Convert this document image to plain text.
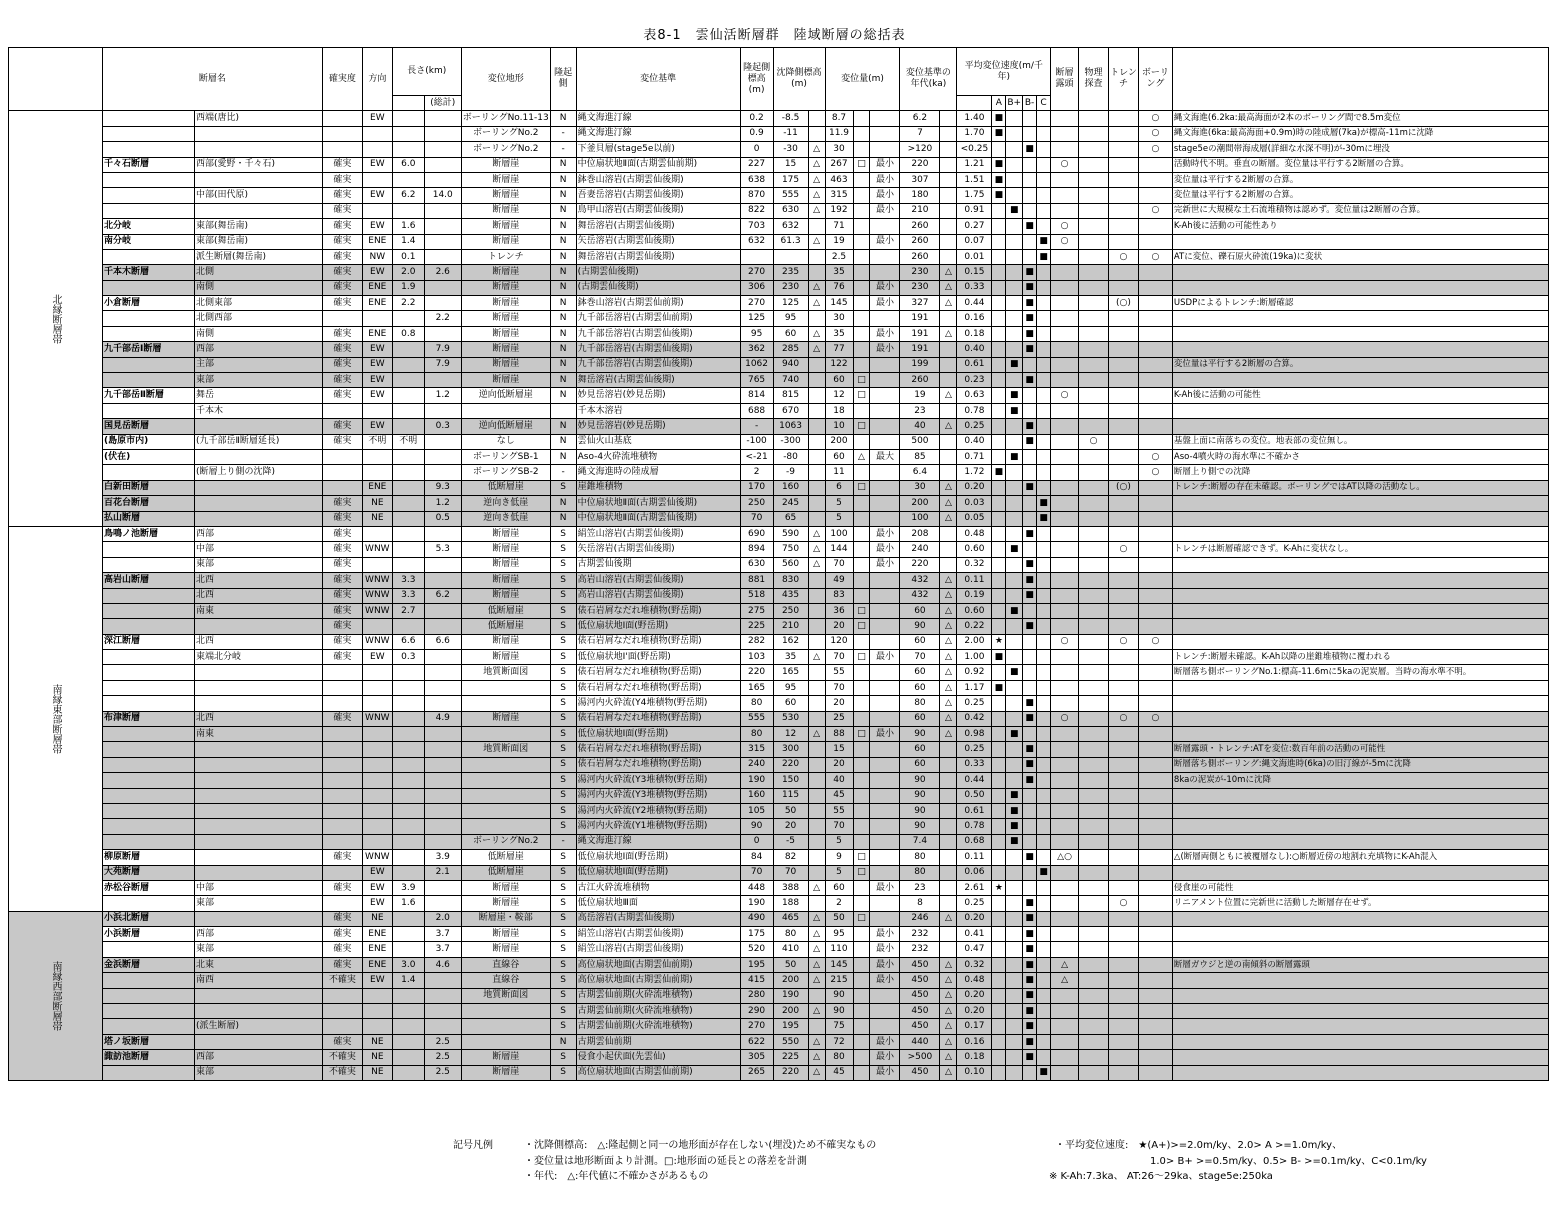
表8-1　雲仙活断層群　陸域断層の総括表
	断層名		確実度	方向	長さ(km)		変位地形	隆起側	変位基準	隆起側標高(m)	沈降側標高(m)		変位量(m)			変位基準の年代(ka)		平均変位速度(m/千年)					断層露頭	物理探査	トレンチ	ボーリング	
						(総計)													A	B+	B-	C					
北縁断層帯		西端(唐比)		EW			ボーリングNo.11-13	N	縄文海進汀線	0.2	-8.5		8.7			6.2		1.40	■							○	縄文海進(6.2ka:最高海面が2本のボーリング間で8.5m変位
							ボーリングNo.2	-	縄文海進汀線	0.9	-11		11.9			7		1.70	■							○	縄文海進(6ka:最高海面+0.9m)時の陸成層(7ka)が標高-11mに沈降
							ボーリングNo.2	-	下釜貝層(stage5e以前)	0	-30	△	30			>120		<0.25			■					○	stage5eの潮間帯海成層(詳細な水深不明)が-30mに埋没
	千々石断層	西部(愛野・千々石)	確実	EW	6.0		断層崖	N	中位扇状地Ⅱ面(古期雲仙前期)	227	15	△	267	□	最小	220		1.21	■				○				活動時代不明。垂直の断層。変位量は平行する2断層の合算。
			確実				断層崖	N	鉢巻山溶岩(古期雲仙後期)	638	175	△	463		最小	307		1.51	■								変位量は平行する2断層の合算。
		中部(田代原)	確実	EW	6.2	14.0	断層崖	N	吾妻岳溶岩(古期雲仙後期)	870	555	△	315		最小	180		1.75	■								変位量は平行する2断層の合算。
			確実				断層崖	N	鳥甲山溶岩(古期雲仙後期)	822	630	△	192		最小	210		0.91		■						○	完新世に大規模な土石流堆積物は認めず。変位量は2断層の合算。
	北分岐	東部(舞岳南)	確実	EW	1.6		断層崖	N	舞岳溶岩(古期雲仙後期)	703	632		71			260		0.27			■		○				K-Ah後に活動の可能性あり
	南分岐	東部(舞岳南)	確実	ENE	1.4		断層崖	N	矢岳溶岩(古期雲仙後期)	632	61.3	△	19		最小	260		0.07				■	○				
		派生断層(舞岳南)	確実	NW	0.1		トレンチ	N	舞岳溶岩(古期雲仙後期)				2.5			260		0.01				■			○	○	ATに変位、礫石原火砕流(19ka)に変状
	千本木断層	北側	確実	EW	2.0	2.6	断層崖	N	(古期雲仙後期)	270	235		35			230	△	0.15			■						
		南側	確実	ENE	1.9		断層崖	N	(古期雲仙後期)	306	230	△	76		最小	230	△	0.33			■						
	小倉断層	北側東部	確実	ENE	2.2		断層崖	N	鉢巻山溶岩(古期雲仙前期)	270	125	△	145		最小	327	△	0.44			■				(○)		USDPによるトレンチ:断層確認
		北側西部				2.2	断層崖	N	九千部岳溶岩(古期雲仙前期)	125	95		30			191		0.16			■						
		南側	確実	ENE	0.8		断層崖	N	九千部岳溶岩(古期雲仙後期)	95	60	△	35		最小	191	△	0.18			■						
	九千部岳Ⅰ断層	西部	確実	EW		7.9	断層崖	N	九千部岳溶岩(古期雲仙後期)	362	285	△	77		最小	191		0.40			■						
		主部	確実	EW		7.9	断層崖	N	九千部岳溶岩(古期雲仙後期)	1062	940		122			199		0.61		■							変位量は平行する2断層の合算。
		東部	確実	EW			断層崖	N	舞岳溶岩(古期雲仙後期)	765	740		60	□		260		0.23			■						
	九千部岳Ⅱ断層	舞岳	確実	EW		1.2	逆向低断層崖	N	妙見岳溶岩(妙見岳期)	814	815		12	□		19	△	0.63		■			○				K-Ah後に活動の可能性
		千本木							千本木溶岩	688	670		18			23		0.78		■							
	国見岳断層		確実	EW		0.3	逆向低断層崖	N	妙見岳溶岩(妙見岳期)	-	1063		10	□		40	△	0.25			■						
	(島原市内)	(九千部岳Ⅱ断層延長)	確実	不明	不明		なし	N	雲仙火山基底	-100	-300		200			500		0.40			■			○			基盤上面に南落ちの変位。地表部の変位無し。
	(伏在)						ボーリングSB-1	N	Aso-4火砕流堆積物	<-21	-80		60	△	最大	85		0.71		■						○	Aso-4噴火時の海水準に不確かさ
		(断層上り側の沈降)					ボーリングSB-2	-	縄文海進時の陸成層	2	-9		11			6.4		1.72	■							○	断層上り側での沈降
	白新田断層			ENE		9.3	低断層崖	S	崖錐堆積物	170	160		6	□		30	△	0.20			■				(○)		トレンチ:断層の存在未確認。ボーリングではAT以降の活動なし。
	百花台断層		確実	NE		1.2	逆向き低崖	N	中位扇状地Ⅱ面(古期雲仙後期)	250	245		5			200	△	0.03				■					
	払山断層		確実	NE		0.5	逆向き低崖	N	中位扇状地Ⅱ面(古期雲仙後期)	70	65		5			100	△	0.05				■					
南縁東部断層帯	鳥鳴ノ池断層	西部	確実				断層崖	S	絹笠山溶岩(古期雲仙後期)	690	590	△	100		最小	208		0.48			■						
		中部	確実	WNW		5.3	断層崖	S	矢岳溶岩(古期雲仙後期)	894	750	△	144		最小	240		0.60		■					○		トレンチは断層確認できず。K-Ahに変状なし。
		東部	確実				断層崖	S	古期雲仙後期	630	560	△	70		最小	220		0.32			■						
	高岩山断層	北西	確実	WNW	3.3		断層崖	S	高岩山溶岩(古期雲仙後期)	881	830		49			432	△	0.11			■						
		北西	確実	WNW	3.3	6.2	断層崖	S	高岩山溶岩(古期雲仙後期)	518	435		83			432	△	0.19			■						
		南東	確実	WNW	2.7		低断層崖	S	俵石岩屑なだれ堆積物(野岳期)	275	250		36	□		60	△	0.60		■							
			確実				低断層崖	S	低位扇状地Ⅰ面(野岳期)	225	210		20	□		90	△	0.22			■						
	深江断層	北西	確実	WNW	6.6	6.6	断層崖	S	俵石岩屑なだれ堆積物(野岳期)	282	162		120			60	△	2.00	★				○		○	○	
		東端北分岐	確実	EW	0.3		断層崖	S	低位扇状地Ⅰ'面(野岳期)	103	35	△	70	□	最小	70	△	1.00	■								トレンチ:断層未確認。K-Ah以降の崖錐堆積物に覆われる
							地質断面図	S	俵石岩屑なだれ堆積物(野岳期)	220	165		55			60	△	0.92		■							断層落ち側ボーリングNo.1:標高-11.6mに5kaの泥炭層。当時の海水準不明。
								S	俵石岩屑なだれ堆積物(野岳期)	165	95		70			60	△	1.17	■								
								S	湯河内火砕流(Y4堆積物(野岳期)	80	60		20			80	△	0.25			■						
	布津断層	北西	確実	WNW		4.9	断層崖	S	俵石岩屑なだれ堆積物(野岳期)	555	530		25			60	△	0.42			■		○		○	○	
		南東						S	低位扇状地Ⅰ面(野岳期)	80	12	△	88	□	最小	90	△	0.98		■							
							地質断面図	S	俵石岩屑なだれ堆積物(野岳期)	315	300		15			60		0.25			■						断層露頭・トレンチ:ATを変位:数百年前の活動の可能性
								S	俵石岩屑なだれ堆積物(野岳期)	240	220		20			60		0.33			■						断層落ち側ボーリング:縄文海進時(6ka)の旧汀線が-5mに沈降
								S	湯河内火砕流(Y3堆積物(野岳期)	190	150		40			90		0.44			■						8kaの泥炭が-10mに沈降
								S	湯河内火砕流(Y3堆積物(野岳期)	160	115		45			90		0.50		■							
								S	湯河内火砕流(Y2堆積物(野岳期)	105	50		55			90		0.61		■							
								S	湯河内火砕流(Y1堆積物(野岳期)	90	20		70			90		0.78		■							
							ボーリングNo.2	-	縄文海進汀線	0	-5		5			7.4		0.68		■							
	柳原断層		確実	WNW		3.9	低断層崖	S	低位扇状地Ⅰ面(野岳期)	84	82		9	□		80		0.11			■		△○				△(断層両側ともに被覆層なし):○断層近傍の地割れ充填物にK-Ah混入
	大苑断層			EW		2.1	低断層崖	S	低位扇状地Ⅰ面(野岳期)	70	70		5	□		80		0.06				■					
	赤松谷断層	中部	確実	EW	3.9		断層崖	S	古江火砕流堆積物	448	388	△	60		最小	23		2.61	★								侵食崖の可能性
		東部		EW	1.6		断層崖	S	低位扇状地Ⅲ面	190	188		2			8		0.25			■				○		リニアメント位置に完新世に活動した断層存在せず。
南縁西部断層帯	小浜北断層		確実	NE		2.0	断層崖・鞍部	S	高岳溶岩(古期雲仙後期)	490	465	△	50	□		246	△	0.20			■						
	小浜断層	西部	確実	ENE		3.7	断層崖	S	絹笠山溶岩(古期雲仙後期)	175	80	△	95		最小	232		0.41			■						
		東部	確実	ENE		3.7	断層崖	S	絹笠山溶岩(古期雲仙後期)	520	410	△	110		最小	232		0.47			■						
	金浜断層	北東	確実	ENE	3.0	4.6	直線谷	S	高位扇状地面(古期雲仙前期)	195	50	△	145		最小	450	△	0.32			■		△				断層ガウジと逆の南傾斜の断層露頭
		南西	不確実	EW	1.4		直線谷	S	高位扇状地面(古期雲仙前期)	415	200	△	215		最小	450	△	0.48			■		△				
							地質断面図	S	古期雲仙前期(火砕流堆積物)	280	190		90			450	△	0.20			■						
								S	古期雲仙前期(火砕流堆積物)	290	200	△	90			450	△	0.20			■						
		(派生断層)						S	古期雲仙前期(火砕流堆積物)	270	195		75			450	△	0.17			■						
	塔ノ坂断層		確実	NE		2.5		N	古期雲仙前期	622	550	△	72		最小	440	△	0.16			■						
	諏訪池断層	西部	不確実	NE		2.5	断層崖	S	侵食小起伏面(先雲仙)	305	225	△	80		最小	>500	△	0.18			■						
		東部	不確実	NE		2.5	断層崖	S	高位扇状地面(古期雲仙前期)	265	220	△	45		最小	450	△	0.10				■					
記号凡例	・沈降側標高:　△:隆起側と同一の地形面が存在しない(埋没)ため不確実なもの
・変位量は地形断面より計測。□:地形面の延長との落差を計測
・年代:　△:年代値に不確かさがあるもの
・平均変位速度:　★(A+)>=2.0m/ky、2.0> A >=1.0m/ky、
1.0> B+ >=0.5m/ky、0.5> B- >=0.1m/ky、C<0.1m/ky
※ K-Ah:7.3ka、 AT:26～29ka、stage5e:250ka
